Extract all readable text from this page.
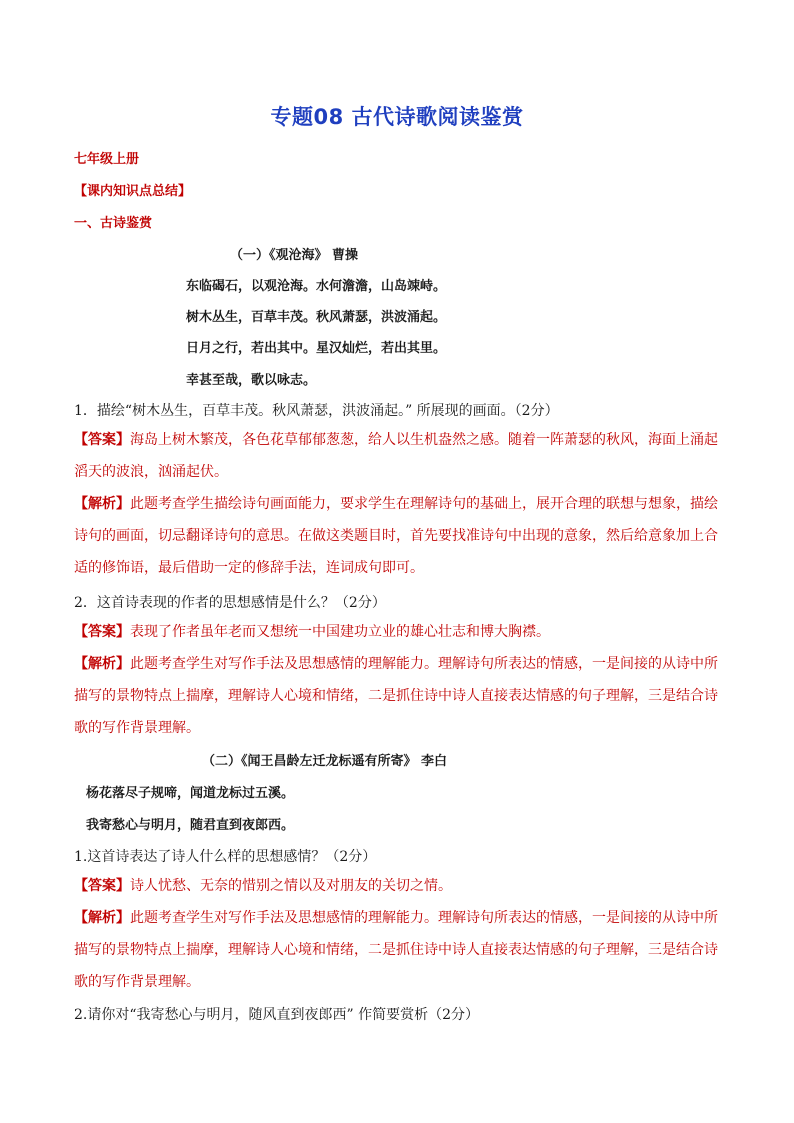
专题08 古代诗歌阅读鉴赏
七年级上册
【课内知识点总结】
一、古诗鉴赏
（一）《观沧海》 曹操
东临碣石，以观沧海。水何澹澹，山岛竦峙。
树木丛生，百草丰茂。秋风萧瑟，洪波涌起。
日月之行，若出其中。星汉灿烂，若出其里。
幸甚至哉，歌以咏志。
1．描绘“树木丛生，百草丰茂。秋风萧瑟，洪波涌起。” 所展现的画面。（2分）

【答案】海岛上树木繁茂，各色花草郁郁葱葱，给人以生机盎然之感。随着一阵萧瑟的秋风，海面上涌起滔天的波浪，汹涌起伏。

【解析】此题考查学生描绘诗句画面能力，要求学生在理解诗句的基础上，展开合理的联想与想象，描绘诗句的画面，切忌翻译诗句的意思。在做这类题目时，首先要找准诗句中出现的意象，然后给意象加上合适的修饰语，最后借助一定的修辞手法，连词成句即可。

2．这首诗表现的作者的思想感情是什么？（2分）

【答案】表现了作者虽年老而又想统一中国建功立业的雄心壮志和博大胸襟。

【解析】此题考查学生对写作手法及思想感情的理解能力。理解诗句所表达的情感，一是间接的从诗中所描写的景物特点上揣摩，理解诗人心境和情绪，二是抓住诗中诗人直接表达情感的句子理解，三是结合诗歌的写作背景理解。

（二）《闻王昌龄左迁龙标遥有所寄》 李白
杨花落尽子规啼，闻道龙标过五溪。
我寄愁心与明月，随君直到夜郎西。
1.这首诗表达了诗人什么样的思想感情？（2分）

【答案】诗人忧愁、无奈的惜别之情以及对朋友的关切之情。

【解析】此题考查学生对写作手法及思想感情的理解能力。理解诗句所表达的情感，一是间接的从诗中所描写的景物特点上揣摩，理解诗人心境和情绪，二是抓住诗中诗人直接表达情感的句子理解，三是结合诗歌的写作背景理解。

2.请你对“我寄愁心与明月，随风直到夜郎西” 作简要赏析（2分）
